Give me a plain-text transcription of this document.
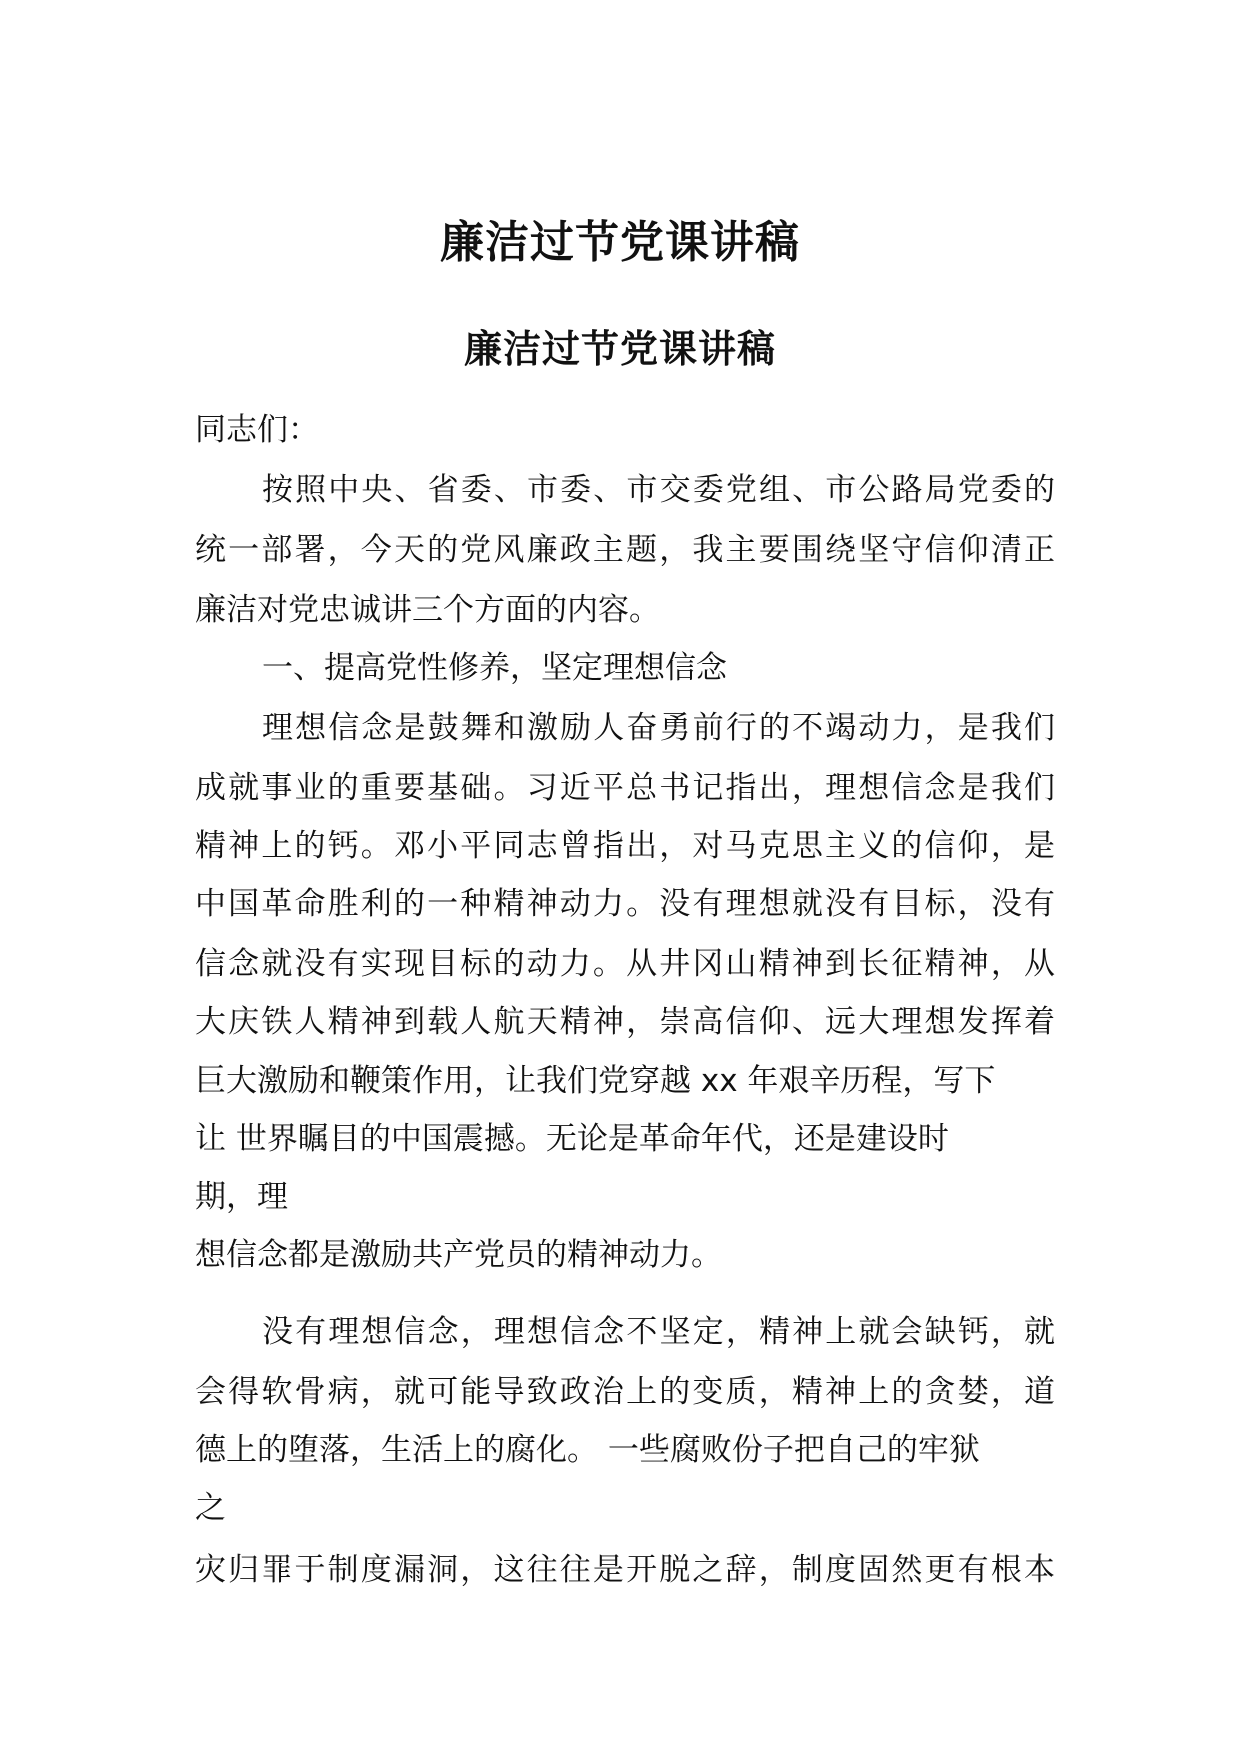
廉洁过节党课讲稿
廉洁过节党课讲稿

同志们：

按照中央、省委、市委、市交委党组、市公路局党委的

统一部署，今天的党风廉政主题，我主要围绕坚守信仰清正

廉洁对党忠诚讲三个方面的内容。

一、提高党性修养，坚定理想信念

理想信念是鼓舞和激励人奋勇前行的不竭动力，是我们

成就事业的重要基础。习近平总书记指出，理想信念是我们

精神上的钙。邓小平同志曾指出，对马克思主义的信仰，是

中国革命胜利的一种精神动力。没有理想就没有目标，没有

信念就没有实现目标的动力。从井冈山精神到长征精神，从

大庆铁人精神到载人航天精神，崇高信仰、远大理想发挥着

巨大激励和鞭策作用，让我们党穿越 xx 年艰辛历程，写下

让 世界瞩目的中国震撼。无论是革命年代，还是建设时

期，理

想信念都是激励共产党员的精神动力。

没有理想信念，理想信念不坚定，精神上就会缺钙，就

会得软骨病，就可能导致政治上的变质，精神上的贪婪，道

德上的堕落，生活上的腐化。 一些腐败份子把自己的牢狱

之

灾归罪于制度漏洞，这往往是开脱之辞，制度固然更有根本
